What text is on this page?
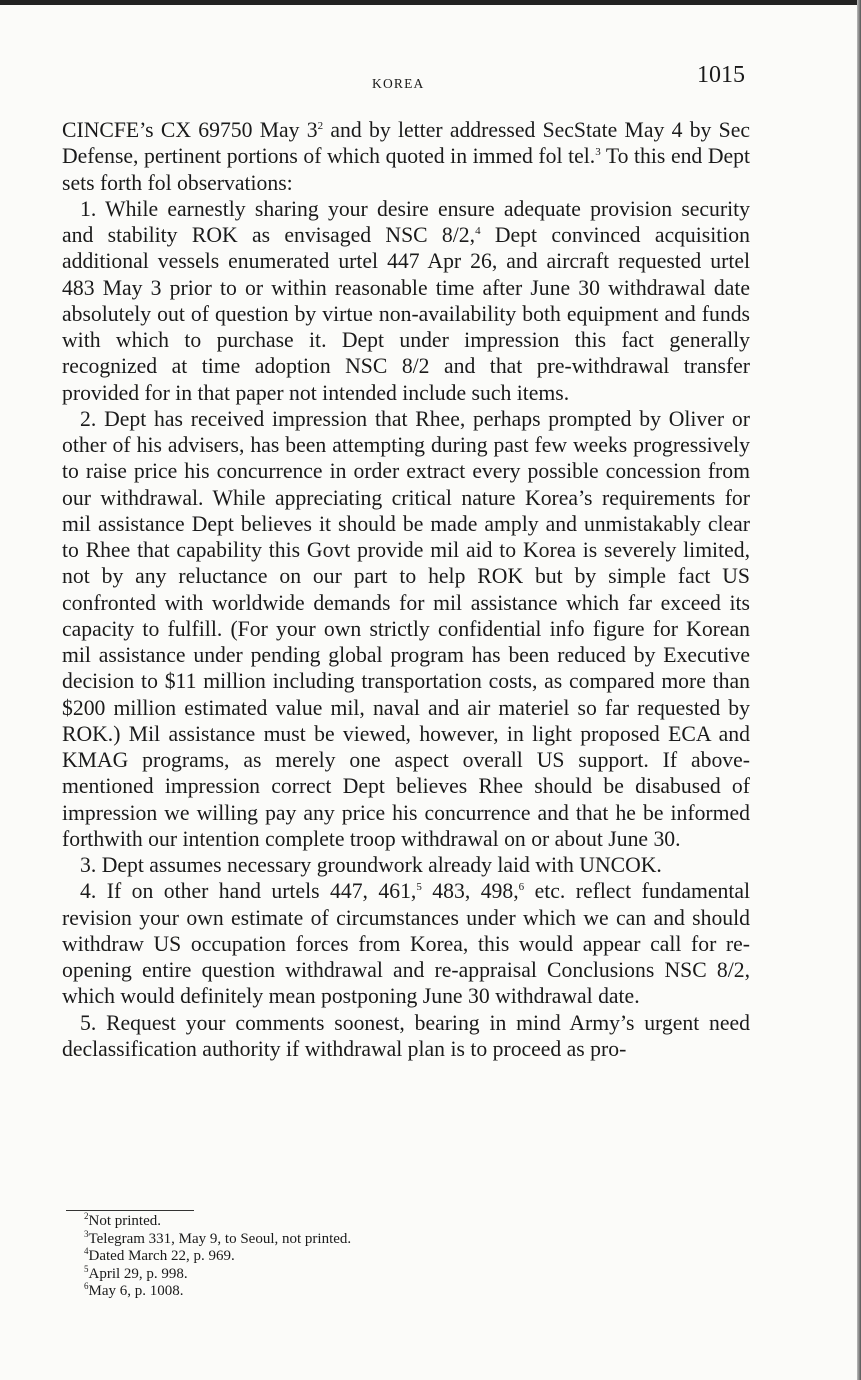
KOREA	1015

CINCFE’s CX 69750 May $3^2$ and by letter addressed SecState May 4 by Sec Defense, pertinent portions of which quoted in immed fol tel.$^3$ To this end Dept sets forth fol observations:

1. While earnestly sharing your desire ensure adequate provision security and stability ROK as envisaged NSC 8/2,$^4$ Dept convinced acquisition additional vessels enumerated urtel 447 Apr 26, and aircraft requested urtel 483 May 3 prior to or within reasonable time after June 30 withdrawal date absolutely out of question by virtue non-availability both equipment and funds with which to purchase it. Dept under impression this fact generally recognized at time adoption NSC 8/2 and that pre-withdrawal transfer provided for in that paper not intended include such items.

2. Dept has received impression that Rhee, perhaps prompted by Oliver or other of his advisers, has been attempting during past few weeks progressively to raise price his concurrence in order extract every possible concession from our withdrawal. While appreciating critical nature Korea’s requirements for mil assistance Dept believes it should be made amply and unmistakably clear to Rhee that capability this Govt provide mil aid to Korea is severely limited, not by any reluctance on our part to help ROK but by simple fact US confronted with worldwide demands for mil assistance which far exceed its capacity to fulfill. (For your own strictly confidential info figure for Korean mil assistance under pending global program has been reduced by Executive decision to $11 million including transportation costs, as compared more than $200 million estimated value mil, naval and air materiel so far requested by ROK.) Mil assistance must be viewed, however, in light proposed ECA and KMAG programs, as merely one aspect overall US support. If above-mentioned impression correct Dept believes Rhee should be disabused of impression we willing pay any price his concurrence and that he be informed forthwith our intention complete troop withdrawal on or about June 30.

3. Dept assumes necessary groundwork already laid with UNCOK.

4. If on other hand urtels 447, 461,$^5$ 483, 498,$^6$ etc. reflect fundamental revision your own estimate of circumstances under which we can and should withdraw US occupation forces from Korea, this would appear call for re-opening entire question withdrawal and re-appraisal Conclusions NSC 8/2, which would definitely mean postponing June 30 withdrawal date.

5. Request your comments soonest, bearing in mind Army’s urgent need declassification authority if withdrawal plan is to proceed as pro-

$^2$Not printed.
$^3$Telegram 331, May 9, to Seoul, not printed.
$^4$Dated March 22, p. 969.
$^5$April 29, p. 998.
$^6$May 6, p. 1008.
